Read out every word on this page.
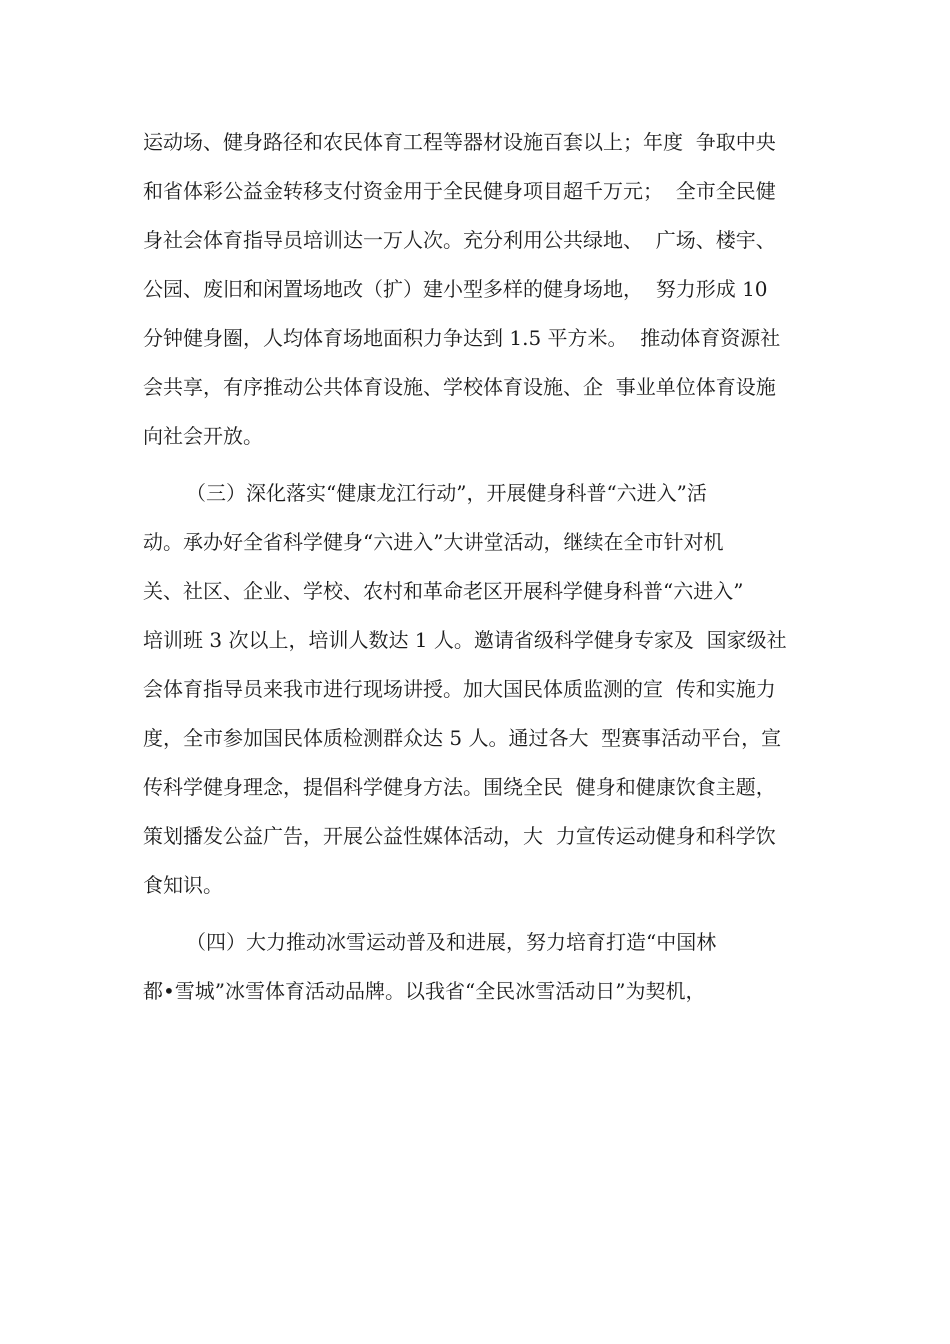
运动场、健身路径和农民体育工程等器材设施百套以上；年度  争取中央
和省体彩公益金转移支付资金用于全民健身项目超千万元；  全市全民健
身社会体育指导员培训达一万人次。充分利用公共绿地、  广场、楼宇、
公园、废旧和闲置场地改（扩）建小型多样的健身场地，  努力形成 10
分钟健身圈，人均体育场地面积力争达到 1.5 平方米。  推动体育资源社
会共享，有序推动公共体育设施、学校体育设施、企  事业单位体育设施
向社会开放。
（三）深化落实“健康龙江行动”，开展健身科普“六进入”活
动。承办好全省科学健身“六进入”大讲堂活动，继续在全市针对机
关、社区、企业、学校、农村和革命老区开展科学健身科普“六进入”
培训班 3 次以上，培训人数达 1 人。邀请省级科学健身专家及  国家级社
会体育指导员来我市进行现场讲授。加大国民体质监测的宣  传和实施力
度，全市参加国民体质检测群众达 5 人。通过各大  型赛事活动平台，宣
传科学健身理念，提倡科学健身方法。围绕全民  健身和健康饮食主题，
策划播发公益广告，开展公益性媒体活动，大  力宣传运动健身和科学饮
食知识。
（四）大力推动冰雪运动普及和进展，努力培育打造“中国林
都•雪城”冰雪体育活动品牌。以我省“全民冰雪活动日”为契机，
